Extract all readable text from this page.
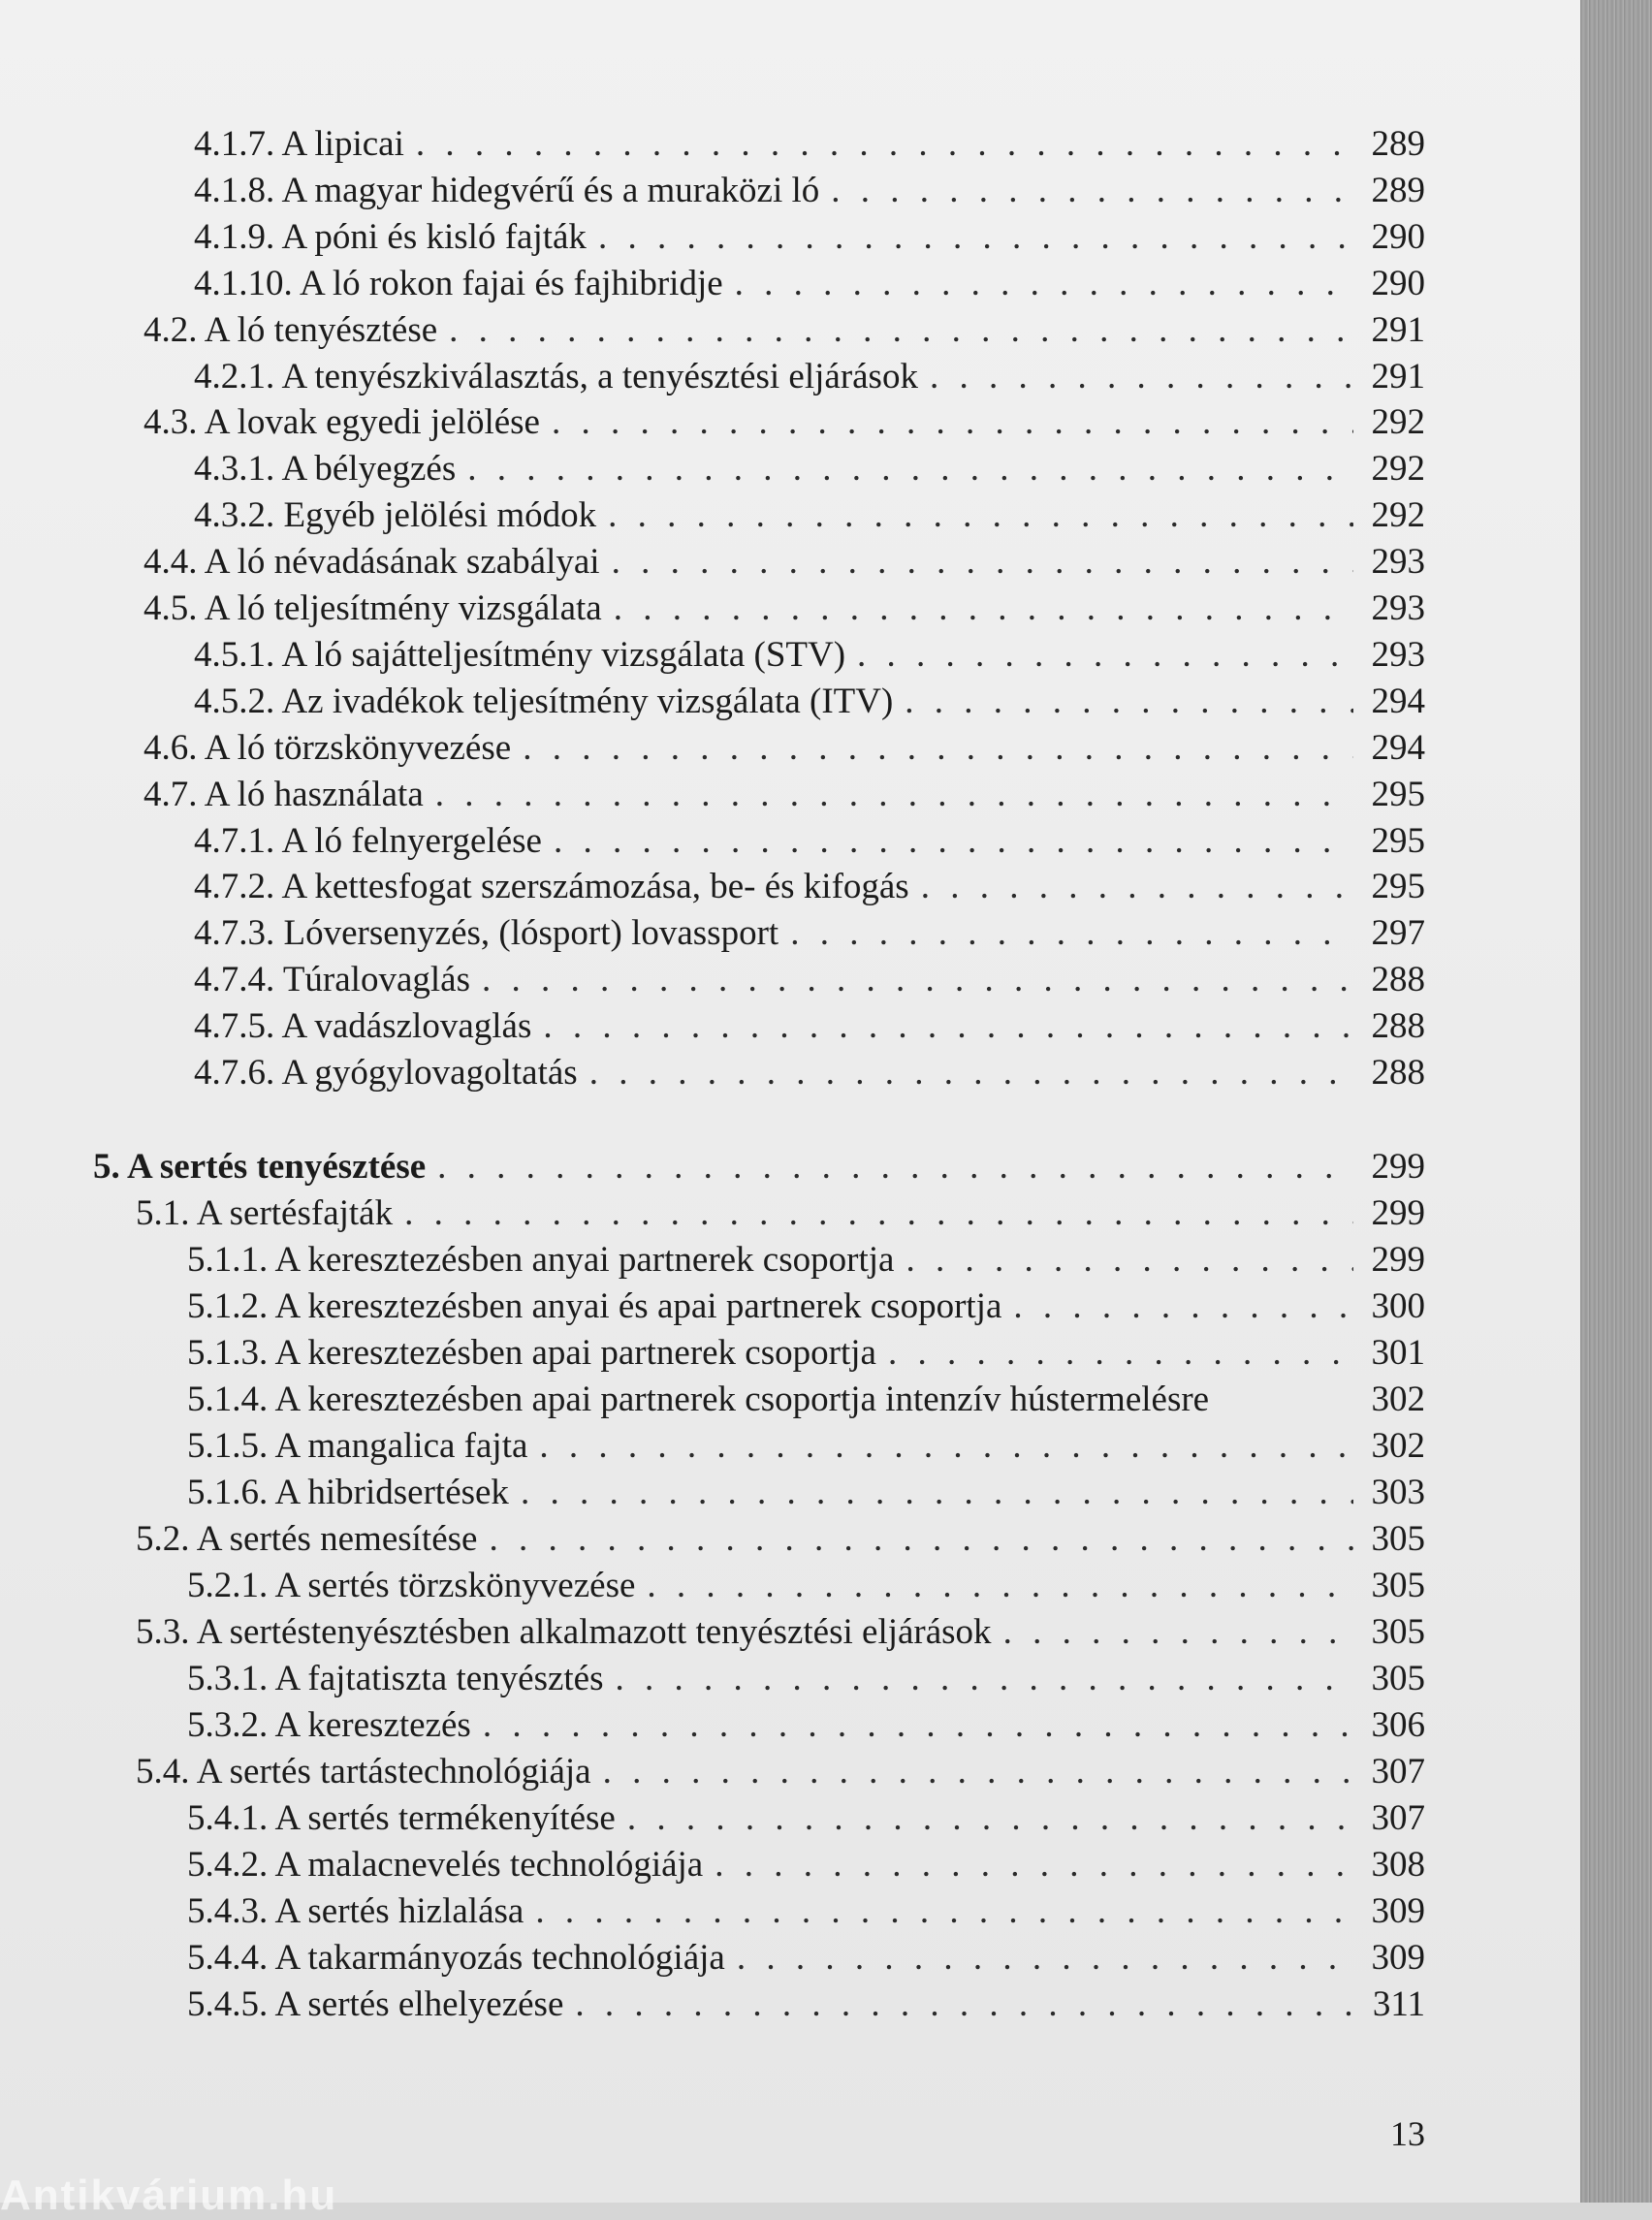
4.1.7. A lipicai . . .	289
4.1.8. A magyar hidegvérű és a muraközi ló . . .	289
4.1.9. A póni és kisló fajták . . .	290
4.1.10. A ló rokon fajai és fajhibridje . . .	290
4.2. A ló tenyésztése . . .	291
4.2.1. A tenyészkiválasztás, a tenyésztési eljárások . . .	291
4.3. A lovak egyedi jelölése . . .	292
4.3.1. A bélyegzés . . .	292
4.3.2. Egyéb jelölési módok . . .	292
4.4. A ló névadásának szabályai . . .	293
4.5. A ló teljesítmény vizsgálata . . .	293
4.5.1. A ló sajátteljesítmény vizsgálata (STV) . . .	293
4.5.2. Az ivadékok teljesítmény vizsgálata (ITV) . . .	294
4.6. A ló törzskönyvezése . . .	294
4.7. A ló használata . . .	295
4.7.1. A ló felnyergelése . . .	295
4.7.2. A kettesfogat szerszámozása, be- és kifogás . . .	295
4.7.3. Lóversenyzés, (lósport) lovassport . . .	297
4.7.4. Túralovaglás . . .	288
4.7.5. A vadászlovaglás . . .	288
4.7.6. A gyógylovagoltatás . . .	288
5. A sertés tenyésztése . . .	299
5.1. A sertésfajták . . .	299
5.1.1. A keresztezésben anyai partnerek csoportja . . .	299
5.1.2. A keresztezésben anyai és apai partnerek csoportja . . .	300
5.1.3. A keresztezésben apai partnerek csoportja . . .	301
5.1.4. A keresztezésben apai partnerek csoportja intenzív hústermelésre	302
5.1.5. A mangalica fajta . . .	302
5.1.6. A hibridsertések . . .	303
5.2. A sertés nemesítése . . .	305
5.2.1. A sertés törzskönyvezése . . .	305
5.3. A sertéstenyésztésben alkalmazott tenyésztési eljárások . . .	305
5.3.1. A fajtatiszta tenyésztés . . .	305
5.3.2. A keresztezés . . .	306
5.4. A sertés tartástechnológiája . . .	307
5.4.1. A sertés termékenyítése . . .	307
5.4.2. A malacnevelés technológiája . . .	308
5.4.3. A sertés hizlalása . . .	309
5.4.4. A takarmányozás technológiája . . .	309
5.4.5. A sertés elhelyezése . . .	311
13
Antikvárium.hu
